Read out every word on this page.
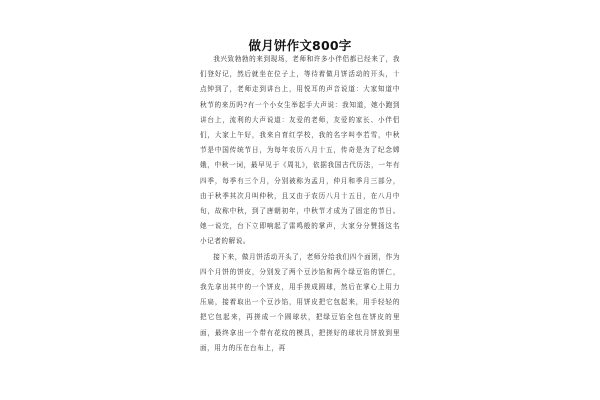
做月饼作文800字

我兴致勃勃的来到现场，老师和许多小伴侣都已经来了，我们登好记，然后就坐在位子上，等待着做月饼活动的开头，十点钟到了，老师走到讲台上，用悦耳的声音说道：大家知道中秋节的来历吗?有一个小女生举起手大声说：我知道，她小跑到讲台上，流利的大声说道：友爱的老师，友爱的家长、小伴侣们，大家上午好，我来自育红学校，我的名字叫李若雪，中秋节是中国传统节日，为每年农历八月十五，传奇是为了纪念嫦娥，中秋一词，最早见于《周礼》，依据我国古代历法，一年有四季，每季有三个月，分别被称为孟月，仲月和季月三部分，由于秋季其次月叫仲秋，且又由于农历八月十五日，在八月中旬，故称中秋，到了唐朝初年，中秋节才成为了固定的节日。她一说完，台下立即响起了雷鸣般的掌声，大家分分赞扬这名小记者的解说。

接下来，做月饼活动开头了，老师分给我们四个面团，作为四个月饼的饼皮，分别发了两个豆沙馅和两个绿豆馅的饼仁，我先拿出其中的一个饼皮，用手搓成圆球，然后在掌心上用力压扁，接着取出一个豆沙馅，用饼皮把它包起来，用手轻轻的把它包起来，再搓成一个圆球状，把绿豆馅全包在饼皮的里面，最终拿出一个带有花纹的模具，把搓好的球状月饼放到里面，用力的压在台布上，再
